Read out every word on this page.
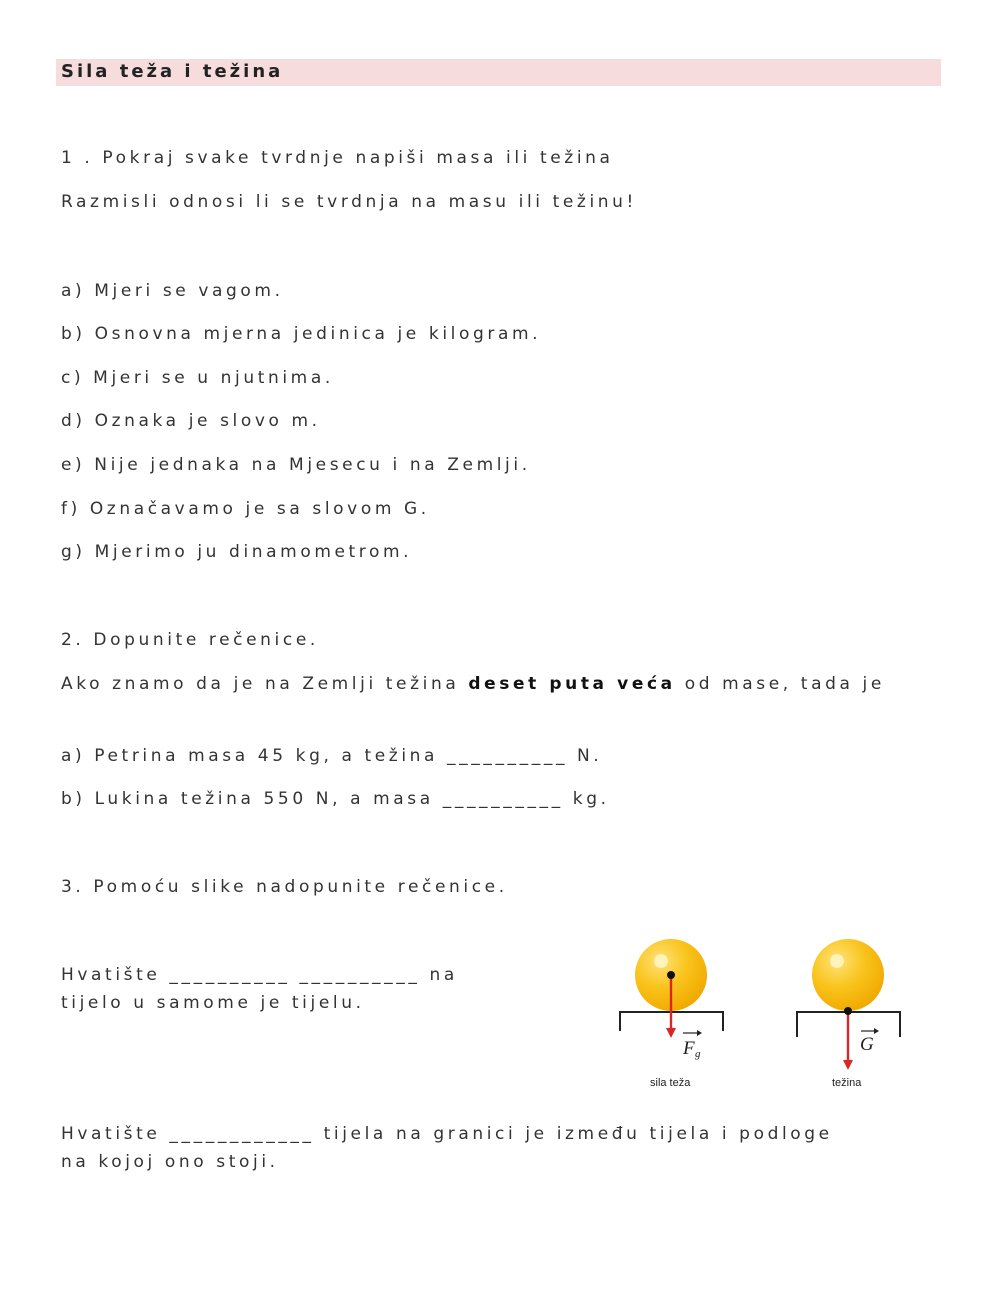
Sila teža i težina
1 . Pokraj svake tvrdnje napiši masa ili težina
Razmisli odnosi li se tvrdnja na masu ili težinu!
a) Mjeri se vagom.
b) Osnovna mjerna jedinica je kilogram.
c) Mjeri se u njutnima.
d) Oznaka je slovo m.
e) Nije jednaka na Mjesecu i na Zemlji.
f) Označavamo je sa slovom G.
g) Mjerimo ju dinamometrom.
2. Dopunite rečenice.
Ako znamo da je na Zemlji težina deset puta veća od mase, tada je
a) Petrina masa 45 kg, a težina __________ N.
b) Lukina težina 550 N, a masa __________ kg.
3. Pomoću slike nadopunite rečenice.
Hvatište __________ __________ na
tijelo u samome je tijelu.
F g
sila teža
G
težina
Hvatište ____________ tijela na granici je između tijela i podloge
na kojoj ono stoji.
